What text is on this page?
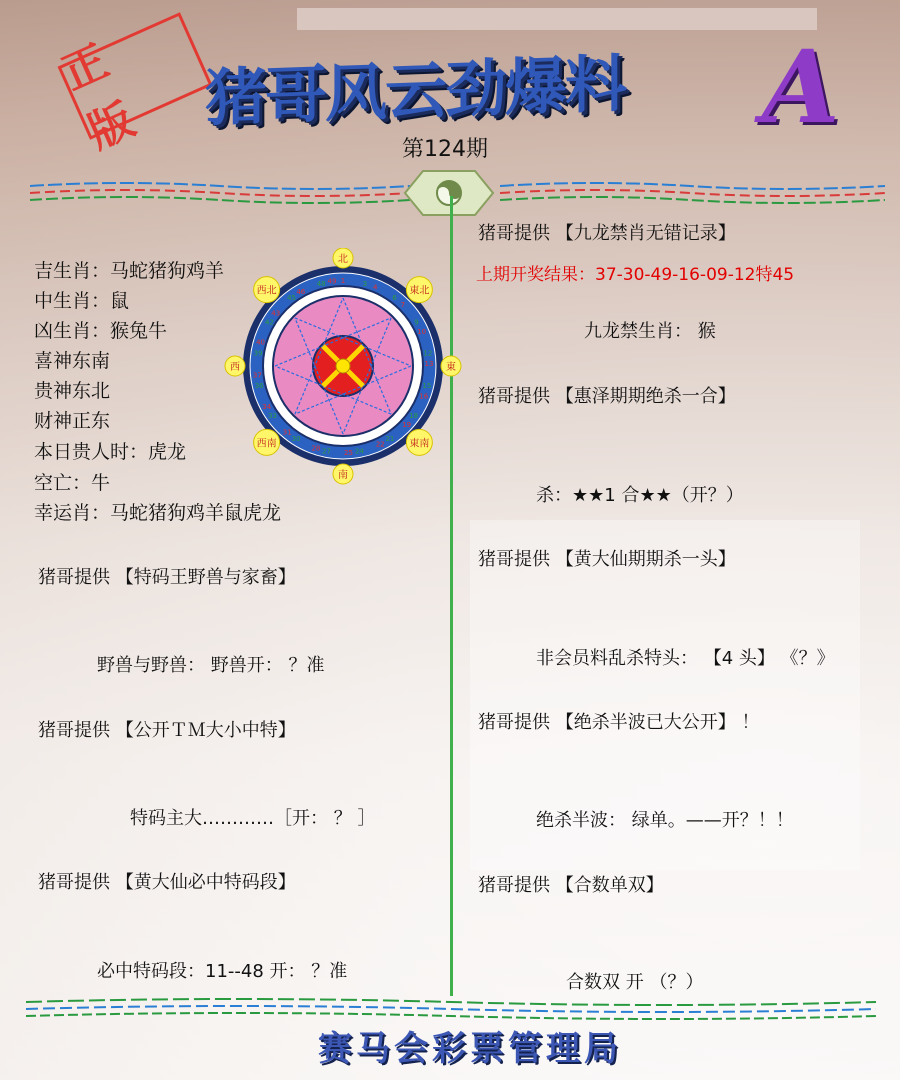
正 版 猪哥风云劲爆料	A
第124期
吉生肖：马蛇猪狗鸡羊
中生肖：鼠
凶生肖：猴兔牛
喜神东南
贵神东北
财神正东
本日贵人时：虎龙
空亡：牛
幸运肖：马蛇猪狗鸡羊鼠虎龙
1 2 3 4
5
6
7
8
9
10
11
12
13
14
15
16
17
18
19
20
21
22
23
24
25
26
27
28
29
30
31
32
33
34
35
36
37
38
39
40
41
42
43
44
45
46
47 48 49
北
東北
東
東南
南
西南
西
西北
猪哥提供 【特码王野兽与家畜】
野兽与野兽： 野兽开： ？准
猪哥提供 【公开ＴＭ大小中特】
特码主大…………［开： ？ ］
猪哥提供 【黄大仙必中特码段】
必中特码段：11--48 开： ？准
猪哥提供 【九龙禁肖无错记录】
上期开奖结果：37-30-49-16-09-12特45
九龙禁生肖： 猴
猪哥提供 【惠泽期期绝杀一合】
杀：★★1 合★★（开？）
猪哥提供 【黄大仙期期杀一头】
非会员料乱杀特头： 【4 头】 《？》
猪哥提供 【绝杀半波已大公开】 ！
绝杀半波： 绿单。——开？！！
猪哥提供 【合数单双】
合数双 开 （？）
赛马会彩票管理局
